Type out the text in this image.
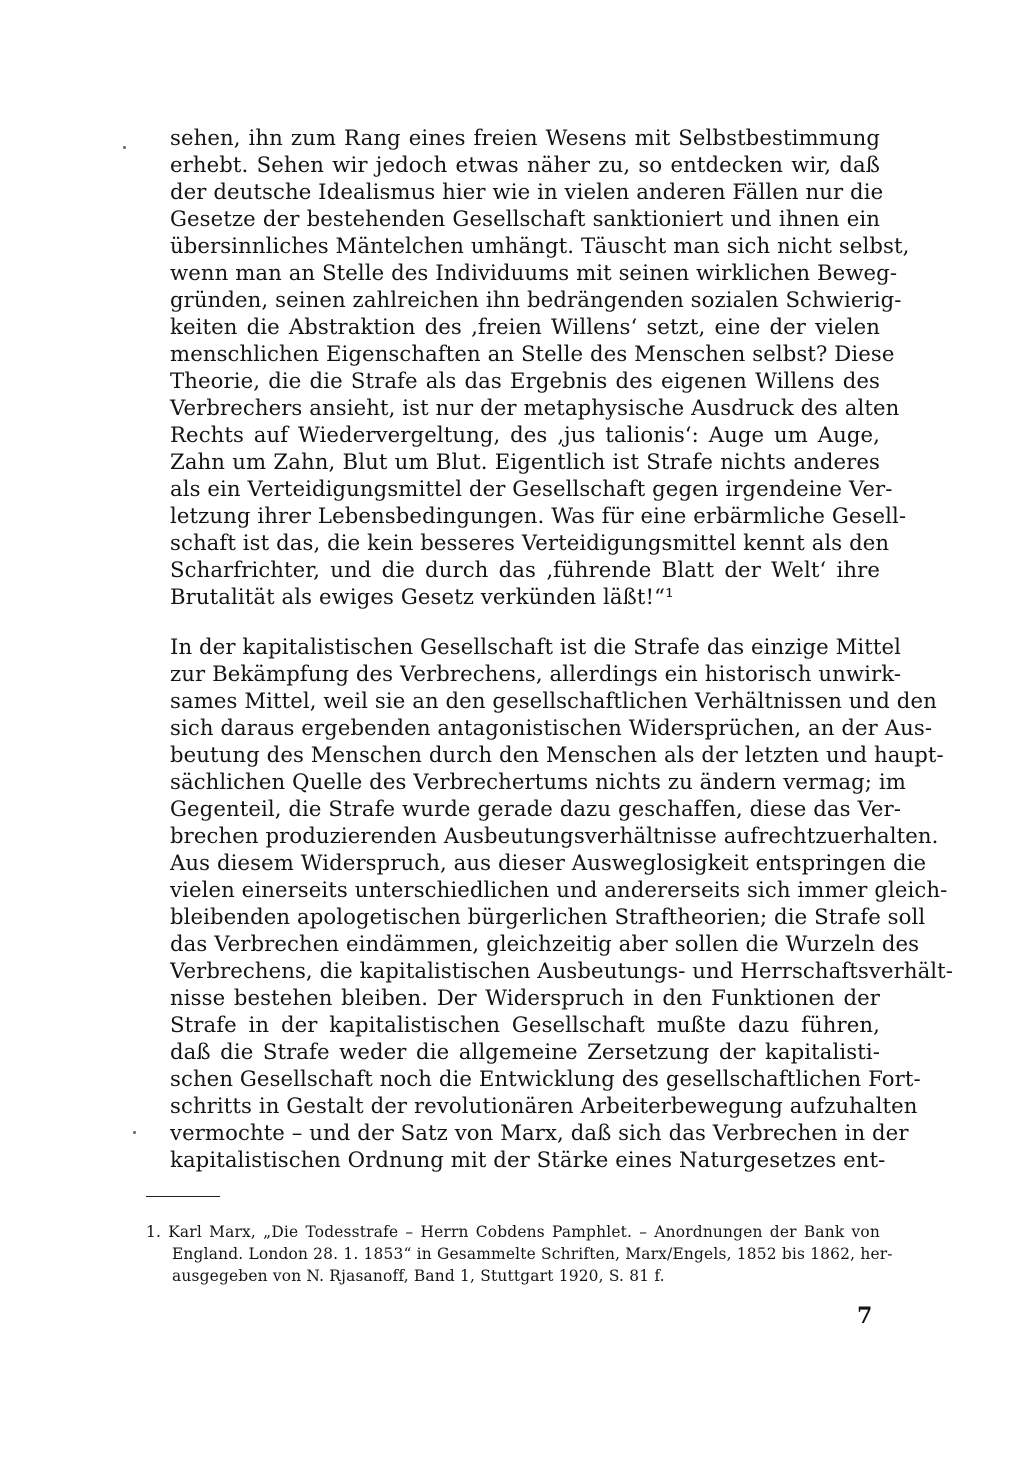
sehen, ihn zum Rang eines freien Wesens mit Selbstbestimmung
erhebt. Sehen wir jedoch etwas näher zu, so entdecken wir, daß
der deutsche Idealismus hier wie in vielen anderen Fällen nur die
Gesetze der bestehenden Gesellschaft sanktioniert und ihnen ein
übersinnliches Mäntelchen umhängt. Täuscht man sich nicht selbst,
wenn man an Stelle des Individuums mit seinen wirklichen Beweg-
gründen, seinen zahlreichen ihn bedrängenden sozialen Schwierig-
keiten die Abstraktion des ‚freien Willens‘ setzt, eine der vielen
menschlichen Eigenschaften an Stelle des Menschen selbst? Diese
Theorie, die die Strafe als das Ergebnis des eigenen Willens des
Verbrechers ansieht, ist nur der metaphysische Ausdruck des alten
Rechts auf Wiedervergeltung, des ‚jus talionis‘: Auge um Auge,
Zahn um Zahn, Blut um Blut. Eigentlich ist Strafe nichts anderes
als ein Verteidigungsmittel der Gesellschaft gegen irgendeine Ver-
letzung ihrer Lebensbedingungen. Was für eine erbärmliche Gesell-
schaft ist das, die kein besseres Verteidigungsmittel kennt als den
Scharfrichter, und die durch das ‚führende Blatt der Welt‘ ihre
Brutalität als ewiges Gesetz verkünden läßt!“¹
In der kapitalistischen Gesellschaft ist die Strafe das einzige Mittel
zur Bekämpfung des Verbrechens, allerdings ein historisch unwirk-
sames Mittel, weil sie an den gesellschaftlichen Verhältnissen und den
sich daraus ergebenden antagonistischen Widersprüchen, an der Aus-
beutung des Menschen durch den Menschen als der letzten und haupt-
sächlichen Quelle des Verbrechertums nichts zu ändern vermag; im
Gegenteil, die Strafe wurde gerade dazu geschaffen, diese das Ver-
brechen produzierenden Ausbeutungsverhältnisse aufrechtzuerhalten.
Aus diesem Widerspruch, aus dieser Ausweglosigkeit entspringen die
vielen einerseits unterschiedlichen und andererseits sich immer gleich-
bleibenden apologetischen bürgerlichen Straftheorien; die Strafe soll
das Verbrechen eindämmen, gleichzeitig aber sollen die Wurzeln des
Verbrechens, die kapitalistischen Ausbeutungs- und Herrschaftsverhält-
nisse bestehen bleiben. Der Widerspruch in den Funktionen der
Strafe in der kapitalistischen Gesellschaft mußte dazu führen,
daß die Strafe weder die allgemeine Zersetzung der kapitalisti-
schen Gesellschaft noch die Entwicklung des gesellschaftlichen Fort-
schritts in Gestalt der revolutionären Arbeiterbewegung aufzuhalten
vermochte – und der Satz von Marx, daß sich das Verbrechen in der
kapitalistischen Ordnung mit der Stärke eines Naturgesetzes ent-
1. Karl Marx, „Die Todesstrafe – Herrn Cobdens Pamphlet. – Anordnungen der Bank von
England. London 28. 1. 1853“ in Gesammelte Schriften, Marx/Engels, 1852 bis 1862, her-
ausgegeben von N. Rjasanoff, Band 1, Stuttgart 1920, S. 81 f.
7
